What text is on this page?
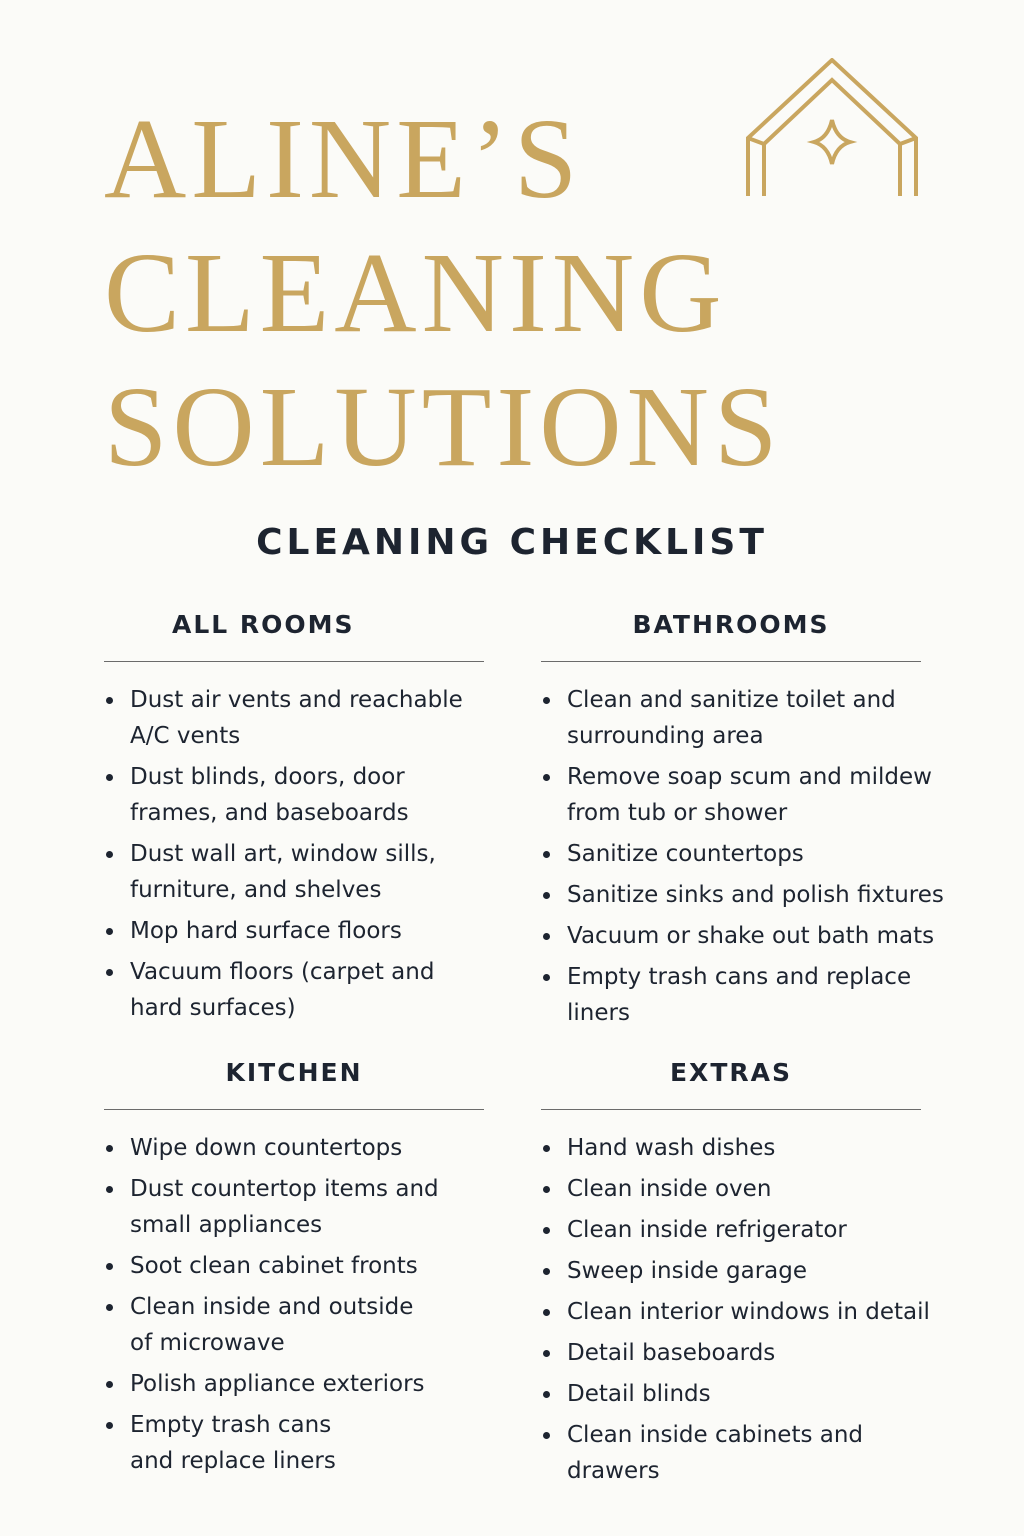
ALINE’S
CLEANING
SOLUTIONS
CLEANING CHECKLIST
ALL ROOMS
Dust air vents and reachable
A/C vents
Dust blinds, doors, door
frames, and baseboards
Dust wall art, window sills,
furniture, and shelves
Mop hard surface floors
Vacuum floors (carpet and
hard surfaces)
BATHROOMS
Clean and sanitize toilet and
surrounding area
Remove soap scum and mildew
from tub or shower
Sanitize countertops
Sanitize sinks and polish fixtures
Vacuum or shake out bath mats
Empty trash cans and replace
liners
KITCHEN
Wipe down countertops
Dust countertop items and
small appliances
Soot clean cabinet fronts
Clean inside and outside
of microwave
Polish appliance exteriors
Empty trash cans
and replace liners
EXTRAS
Hand wash dishes
Clean inside oven
Clean inside refrigerator
Sweep inside garage
Clean interior windows in detail
Detail baseboards
Detail blinds
Clean inside cabinets and
drawers
